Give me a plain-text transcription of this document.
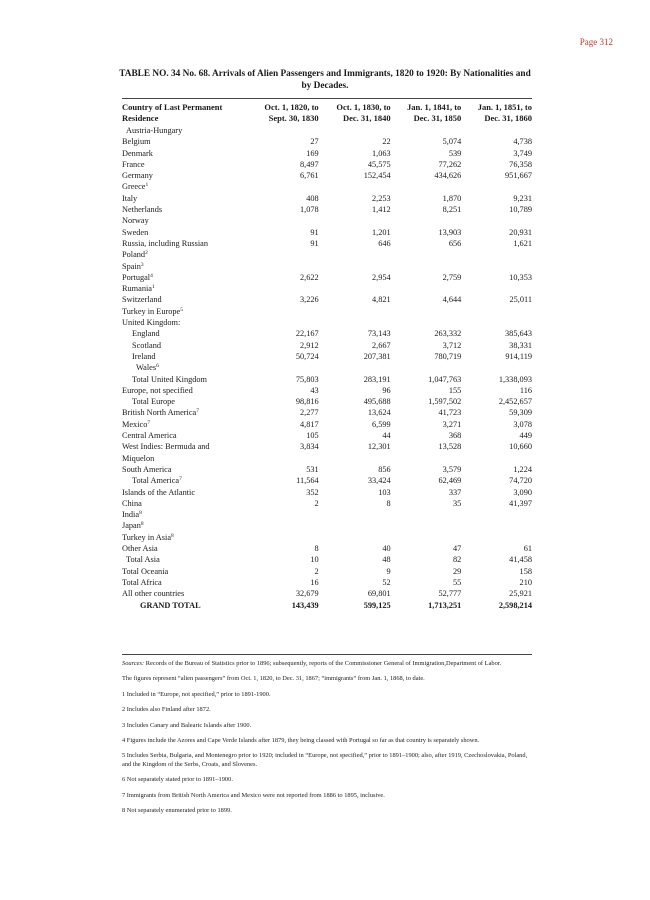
Page 312
TABLE NO. 34 No. 68. Arrivals of Alien Passengers and Immigrants, 1820 to 1920: By Nationalities and by Decades.
Country of Last Permanent Residence	Oct. 1, 1820, to Sept. 30, 1830	Oct. 1, 1830, to Dec. 31, 1840	Jan. 1, 1841, to Dec. 31, 1850	Jan. 1, 1851, to Dec. 31, 1860
Austria-Hungary				
Belgium	27	22	5,074	4,738
Denmark	169	1,063	539	3,749
France	8,497	45,575	77,262	76,358
Germany	6,761	152,454	434,626	951,667
Greece$^1$				
Italy	408	2,253	1,870	9,231
Netherlands	1,078	1,412	8,251	10,789
Norway				
Sweden	91	1,201	13,903	20,931
Russia, including Russian	91	646	656	1,621
Poland$^2$				
Spain$^3$				
Portugal$^4$	2,622	2,954	2,759	10,353
Rumania$^1$				
Switzerland	3,226	4,821	4,644	25,011
Turkey in Europe$^5$				
United Kingdom:				
England	22,167	73,143	263,332	385,643
Scotland	2,912	2,667	3,712	38,331
Ireland	50,724	207,381	780,719	914,119
Wales$^6$				
Total United Kingdom	75,803	283,191	1,047,763	1,338,093
Europe, not specified	43	96	155	116
Total Europe	98,816	495,688	1,597,502	2,452,657
British North America$^7$	2,277	13,624	41,723	59,309
Mexico$^7$	4,817	6,599	3,271	3,078
Central America	105	44	368	449
West Indies: Bermuda and	3,834	12,301	13,528	10,660
Miquelon				
South America	531	856	3,579	1,224
Total America$^7$	11,564	33,424	62,469	74,720
Islands of the Atlantic	352	103	337	3,090
China	2	8	35	41,397
India$^8$				
Japan$^8$				
Turkey in Asia$^8$				
Other Asia	8	40	47	61
Total Asia	10	48	82	41,458
Total Oceania	2	9	29	158
Total Africa	16	52	55	210
All other countries	32,679	69,801	52,777	25,921
GRAND TOTAL	143,439	599,125	1,713,251	2,598,214

Sources: Records of the Bureau of Statistics prior to 1896; subsequently, reports of the Commissioner General of Immigration,Department of Labor.

The figures represent “alien passengers” from Oct. 1, 1820, to Dec. 31, 1867; “immigrants” from Jan. 1, 1868, to date.

1 Included in “Europe, not specified,” prior to 1891-1900.

2 Includes also Finland after 1872.

3 Includes Canary and Balearic Islands after 1900.

4 Figures include the Azores and Cape Verde Islands after 1879, they being classed with Portugal so far as that country is separately shown.

5 Includes Serbia, Bulgaria, and Montenegro prior to 1920; included in “Europe, not specified,” prior to 1891–1900; also, after 1919, Czechoslovakia, Poland, and the Kingdom of the Serbs, Croats, and Slovenes.

6 Not separately stated prior to 1891–1900.

7 Immigrants from British North America and Mexico were not reported from 1886 to 1895, inclusive.

8 Not separately enumerated prior to 1899.
